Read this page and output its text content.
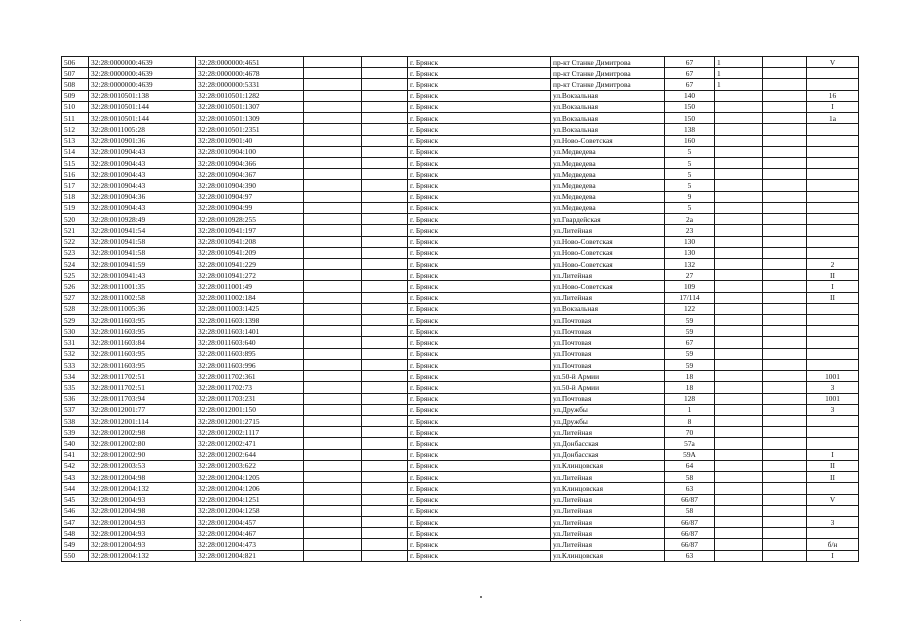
506	32:28:0000000:4639	32:28:0000000:4651			г. Брянск	пр-кт Станке Димитрова	67	1		V
507	32:28:0000000:4639	32:28:0000000:4678			г. Брянск	пр-кт Станке Димитрова	67	1		
508	32:28:0000000:4639	32:28:0000000:5331			г. Брянск	пр-кт Станке Димитрова	67	1		
509	32:28:0010501:138	32:28:0010501:1282			г. Брянск	ул.Вокзальная	140			16
510	32:28:0010501:144	32:28:0010501:1307			г. Брянск	ул.Вокзальная	150			I
511	32:28:0010501:144	32:28:0010501:1309			г. Брянск	ул.Вокзальная	150			1а
512	32:28:0011005:28	32:28:0010501:2351			г. Брянск	ул.Вокзальная	138			
513	32:28:0010901:36	32:28:0010901:40			г. Брянск	ул.Ново-Советская	160			
514	32:28:0010904:43	32:28:0010904:100			г. Брянск	ул.Медведева	5			
515	32:28:0010904:43	32:28:0010904:366			г. Брянск	ул.Медведева	5			
516	32:28:0010904:43	32:28:0010904:367			г. Брянск	ул.Медведева	5			
517	32:28:0010904:43	32:28:0010904:390			г. Брянск	ул.Медведева	5			
518	32:28:0010904:36	32:28:0010904:97			г. Брянск	ул.Медведева	9			
519	32:28:0010904:43	32:28:0010904:99			г. Брянск	ул.Медведева	5			
520	32:28:0010928:49	32:28:0010928:255			г. Брянск	ул.Гвардейская	2а			
521	32:28:0010941:54	32:28:0010941:197			г. Брянск	ул.Литейная	23			
522	32:28:0010941:58	32:28:0010941:208			г. Брянск	ул.Ново-Советская	130			
523	32:28:0010941:58	32:28:0010941:209			г. Брянск	ул.Ново-Советская	130			
524	32:28:0010941:59	32:28:0010941:229			г. Брянск	ул.Ново-Советская	132			2
525	32:28:0010941:43	32:28:0010941:272			г. Брянск	ул.Литейная	27			II
526	32:28:0011001:35	32:28:0011001:49			г. Брянск	ул.Ново-Советская	109			I
527	32:28:0011002:58	32:28:0011002:184			г. Брянск	ул.Литейная	17/114			II
528	32:28:0011005:36	32:28:0011003:1425			г. Брянск	ул.Вокзальная	122			
529	32:28:0011603:95	32:28:0011603:1398			г. Брянск	ул.Почтовая	59			
530	32:28:0011603:95	32:28:0011603:1401			г. Брянск	ул.Почтовая	59			
531	32:28:0011603:84	32:28:0011603:640			г. Брянск	ул.Почтовая	67			
532	32:28:0011603:95	32:28:0011603:895			г. Брянск	ул.Почтовая	59			
533	32:28:0011603:95	32:28:0011603:996			г. Брянск	ул.Почтовая	59			
534	32:28:0011702:51	32:28:0011702:361			г. Брянск	ул.50-й Армии	18			1001
535	32:28:0011702:51	32:28:0011702:73			г. Брянск	ул.50-й Армии	18			3
536	32:28:0011703:94	32:28:0011703:231			г. Брянск	ул.Почтовая	128			1001
537	32:28:0012001:77	32:28:0012001:150			г. Брянск	ул.Дружбы	1			3
538	32:28:0012001:114	32:28:0012001:2715			г. Брянск	ул.Дружбы	8			
539	32:28:0012002:98	32:28:0012002:1117			г. Брянск	ул.Литейная	70			
540	32:28:0012002:80	32:28:0012002:471			г. Брянск	ул.Донбасская	57а			
541	32:28:0012002:90	32:28:0012002:644			г. Брянск	ул.Донбасская	59А			I
542	32:28:0012003:53	32:28:0012003:622			г. Брянск	ул.Клинцовская	64			II
543	32:28:0012004:98	32:28:0012004:1205			г. Брянск	ул.Литейная	58			II
544	32:28:0012004:132	32:28:0012004:1206			г. Брянск	ул.Клинцовская	63			
545	32:28:0012004:93	32:28:0012004:1251			г. Брянск	ул.Литейная	66/87			V
546	32:28:0012004:98	32:28:0012004:1258			г. Брянск	ул.Литейная	58			
547	32:28:0012004:93	32:28:0012004:457			г. Брянск	ул.Литейная	66/87			3
548	32:28:0012004:93	32:28:0012004:467			г. Брянск	ул.Литейная	66/87			
549	32:28:0012004:93	32:28:0012004:473			г. Брянск	ул.Литейная	66/87			б/н
550	32:28:0012004:132	32:28:0012004:821			г. Брянск	ул.Клинцовская	63			I
